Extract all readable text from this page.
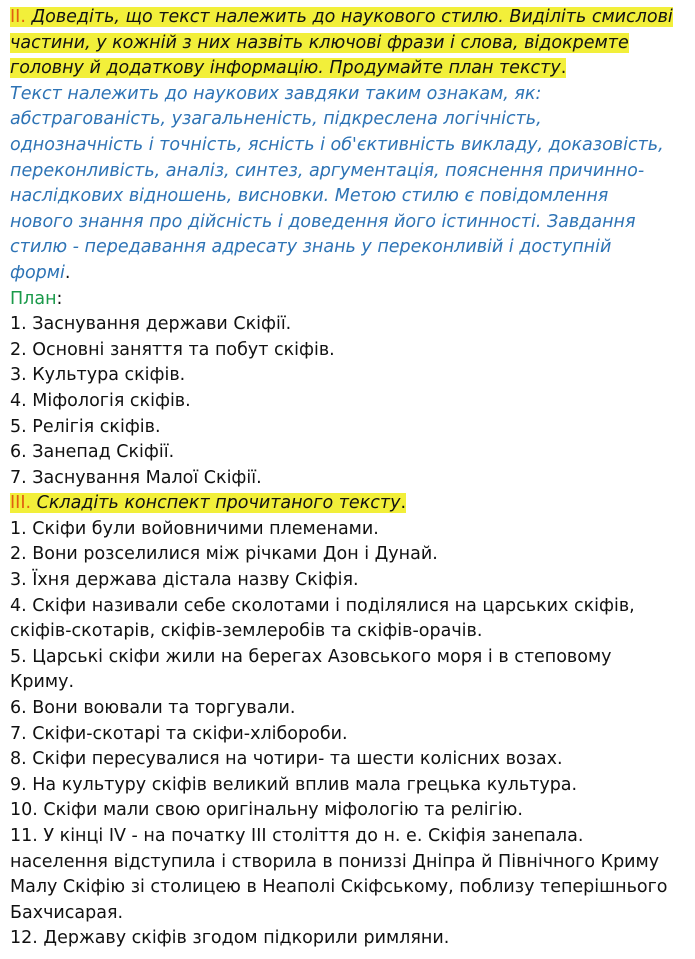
II. Доведіть, що текст належить до наукового стилю. Виділіть смислові
частини, у кожній з них назвіть ключові фрази і слова, відокремте
головну й додаткову інформацію. Продумайте план тексту.
Текст належить до наукових завдяки таким ознакам, як:
абстрагованість, узагальненість, підкреслена логічність,
однозначність і точність, ясність і об'єктивність викладу, доказовість,
переконливість, аналіз, синтез, аргументація, пояснення причинно-
наслідкових відношень, висновки. Метою стилю є повідомлення
нового знання про дійсність і доведення його істинності. Завдання
стилю - передавання адресату знань у переконливій і доступній
формі.
План:
1. Заснування держави Скіфії.
2. Основні заняття та побут скіфів.
3. Культура скіфів.
4. Міфологія скіфів.
5. Релігія скіфів.
6. Занепад Скіфії.
7. Заснування Малої Скіфії.
III. Складіть конспект прочитаного тексту.
1. Скіфи були войовничими племенами.
2. Вони розселилися між річками Дон і Дунай.
3. Їхня держава дістала назву Скіфія.
4. Скіфи називали себе сколотами і поділялися на царських скіфів,
скіфів-скотарів, скіфів-землеробів та скіфів-орачів.
5. Царські скіфи жили на берегах Азовського моря і в степовому
Криму.
6. Вони воювали та торгували.
7. Скіфи-скотарі та скіфи-хлібороби.
8. Скіфи пересувалися на чотири- та шести колісних возах.
9. На культуру скіфів великий вплив мала грецька культура.
10. Скіфи мали свою оригінальну міфологію та релігію.
11. У кінці IV - на початку III століття до н. е. Скіфія занепала.
населення відступила і створила в пониззі Дніпра й Північного Криму
Малу Скіфію зі столицею в Неаполі Скіфському, поблизу теперішнього
Бахчисарая.
12. Державу скіфів згодом підкорили римляни.
